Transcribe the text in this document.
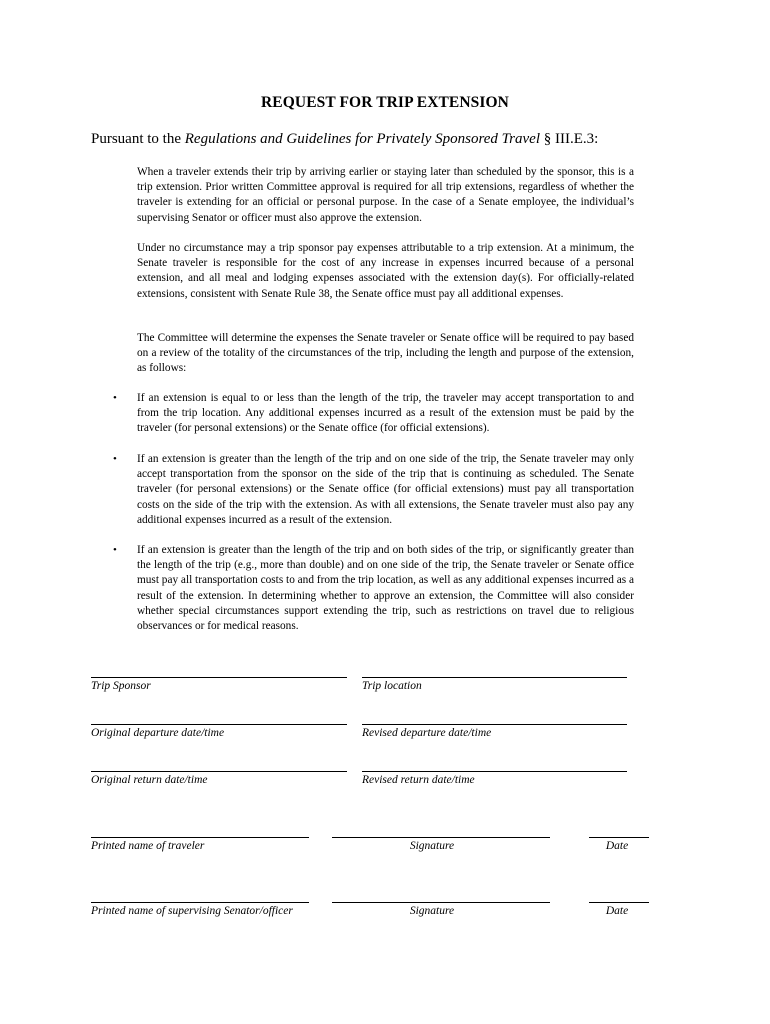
REQUEST FOR TRIP EXTENSION
Pursuant to the Regulations and Guidelines for Privately Sponsored Travel § III.E.3:
When a traveler extends their trip by arriving earlier or staying later than scheduled by the sponsor, this is a trip extension. Prior written Committee approval is required for all trip extensions, regardless of whether the traveler is extending for an official or personal purpose. In the case of a Senate employee, the individual’s supervising Senator or officer must also approve the extension.
Under no circumstance may a trip sponsor pay expenses attributable to a trip extension. At a minimum, the Senate traveler is responsible for the cost of any increase in expenses incurred because of a personal extension, and all meal and lodging expenses associated with the extension day(s). For officially-related extensions, consistent with Senate Rule 38, the Senate office must pay all additional expenses.
The Committee will determine the expenses the Senate traveler or Senate office will be required to pay based on a review of the totality of the circumstances of the trip, including the length and purpose of the extension, as follows:
• If an extension is equal to or less than the length of the trip, the traveler may accept transportation to and from the trip location. Any additional expenses incurred as a result of the extension must be paid by the traveler (for personal extensions) or the Senate office (for official extensions).
• If an extension is greater than the length of the trip and on one side of the trip, the Senate traveler may only accept transportation from the sponsor on the side of the trip that is continuing as scheduled. The Senate traveler (for personal extensions) or the Senate office (for official extensions) must pay all transportation costs on the side of the trip with the extension. As with all extensions, the Senate traveler must also pay any additional expenses incurred as a result of the extension.
• If an extension is greater than the length of the trip and on both sides of the trip, or significantly greater than the length of the trip (e.g., more than double) and on one side of the trip, the Senate traveler or Senate office must pay all transportation costs to and from the trip location, as well as any additional expenses incurred as a result of the extension. In determining whether to approve an extension, the Committee will also consider whether special circumstances support extending the trip, such as restrictions on travel due to religious observances or for medical reasons.
Trip Sponsor	Trip location
Original departure date/time	Revised departure date/time
Original return date/time	Revised return date/time
Printed name of traveler	Signature	Date
Printed name of supervising Senator/officer	Signature	Date
